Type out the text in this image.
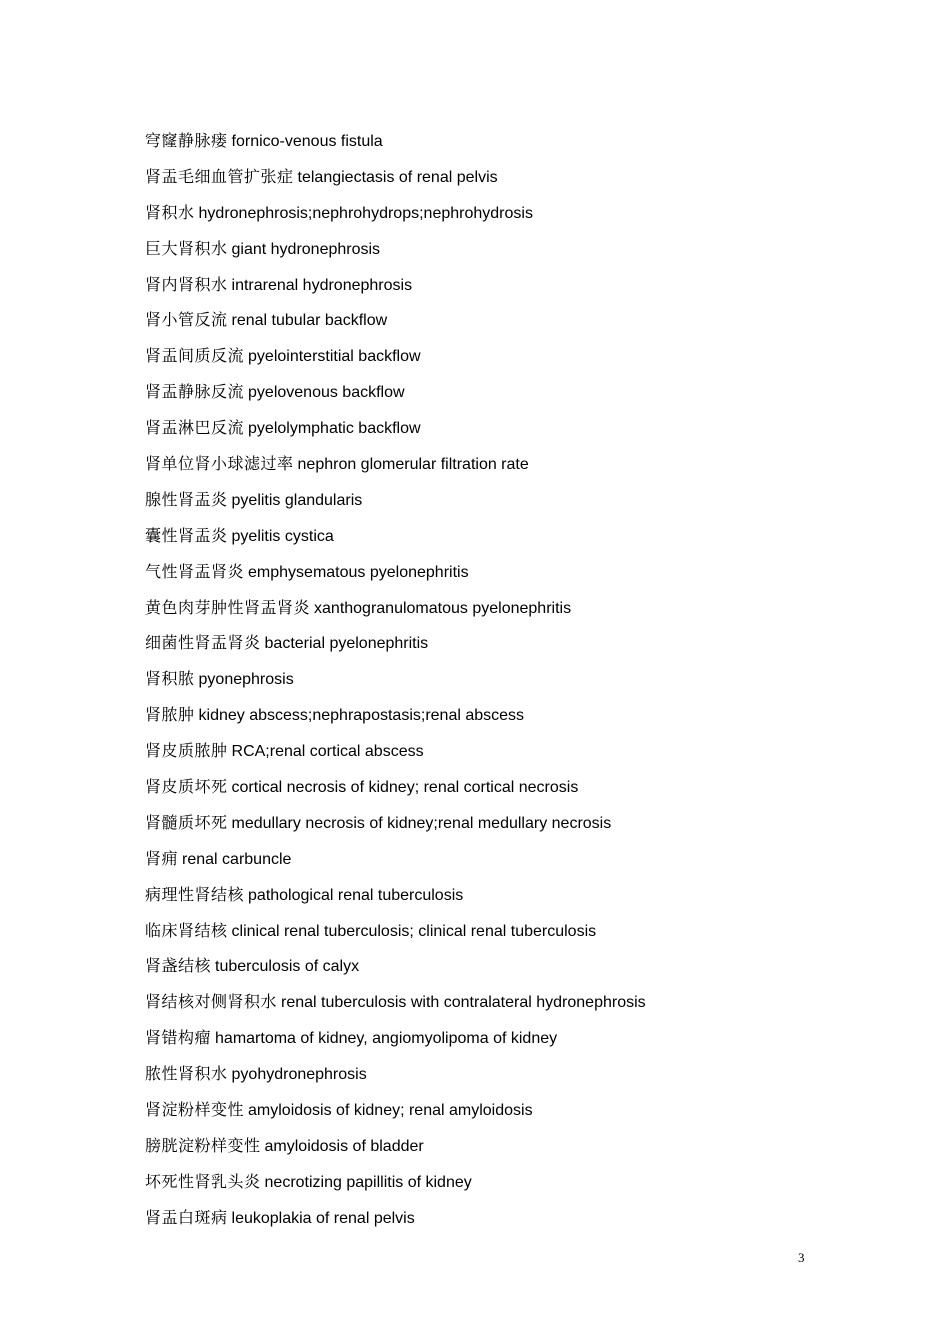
穹窿静脉瘘 fornico-venous fistula
肾盂毛细血管扩张症 telangiectasis of renal pelvis
肾积水 hydronephrosis;nephrohydrops;nephrohydrosis
巨大肾积水 giant hydronephrosis
肾内肾积水 intrarenal hydronephrosis
肾小管反流 renal tubular backflow
肾盂间质反流 pyelointerstitial backflow
肾盂静脉反流 pyelovenous backflow
肾盂淋巴反流 pyelolymphatic backflow
肾单位肾小球滤过率 nephron glomerular filtration rate
腺性肾盂炎 pyelitis glandularis
囊性肾盂炎 pyelitis cystica
气性肾盂肾炎 emphysematous pyelonephritis
黄色肉芽肿性肾盂肾炎 xanthogranulomatous pyelonephritis
细菌性肾盂肾炎 bacterial pyelonephritis
肾积脓 pyonephrosis
肾脓肿 kidney abscess;nephrapostasis;renal abscess
肾皮质脓肿 RCA;renal cortical abscess
肾皮质坏死 cortical necrosis of kidney; renal cortical necrosis
肾髓质坏死 medullary necrosis of kidney;renal medullary necrosis
肾痈 renal carbuncle
病理性肾结核 pathological renal tuberculosis
临床肾结核 clinical renal tuberculosis; clinical renal tuberculosis
肾盏结核 tuberculosis of calyx
肾结核对侧肾积水 renal tuberculosis with contralateral hydronephrosis
肾错构瘤 hamartoma of kidney, angiomyolipoma of kidney
脓性肾积水 pyohydronephrosis
肾淀粉样变性 amyloidosis of kidney; renal amyloidosis
膀胱淀粉样变性 amyloidosis of bladder
坏死性肾乳头炎 necrotizing papillitis of kidney
肾盂白斑病 leukoplakia of renal pelvis
3
